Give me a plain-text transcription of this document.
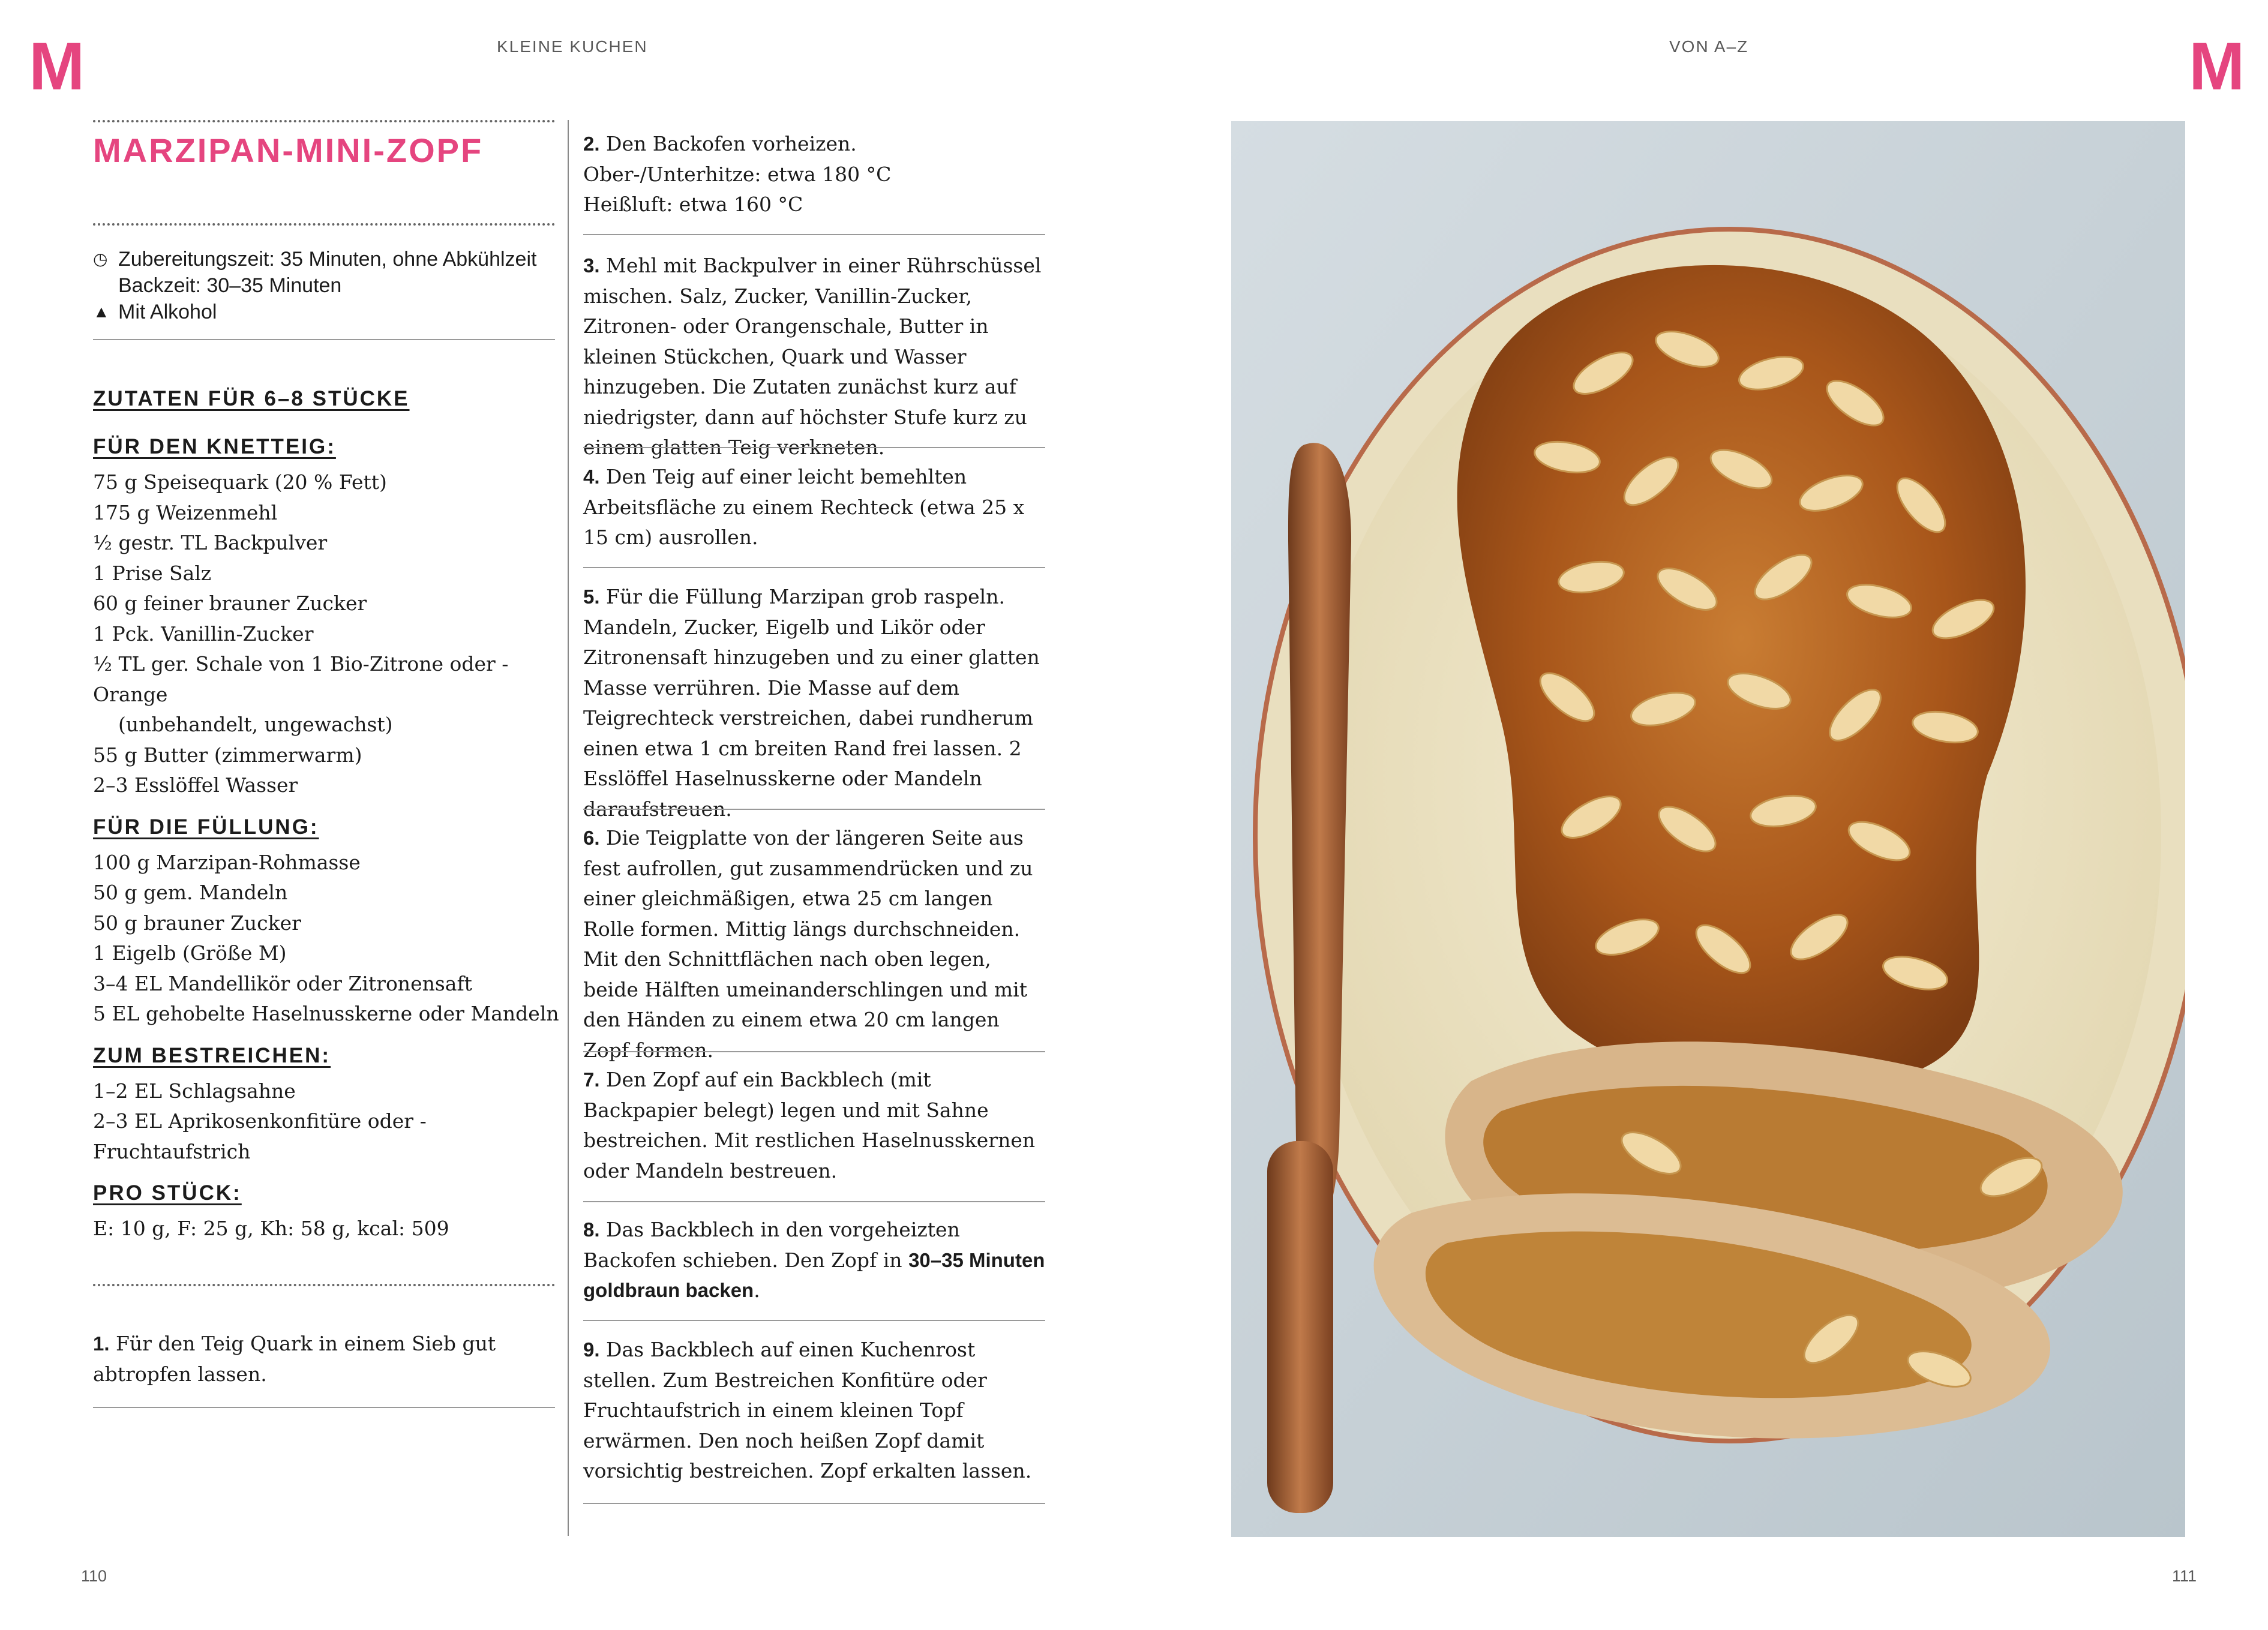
M	KLEINE KUCHEN	VON A–Z	M
MARZIPAN-MINI-ZOPF
◷ Zubereitungszeit: 35 Minuten, ohne Abkühlzeit
Backzeit: 30–35 Minuten
▲ Mit Alkohol
ZUTATEN FÜR 6–8 STÜCKE
FÜR DEN KNETTEIG:
75 g Speisequark (20 % Fett)
175 g Weizenmehl
½ gestr. TL Backpulver
1 Prise Salz
60 g feiner brauner Zucker
1 Pck. Vanillin-Zucker
½ TL ger. Schale von 1 Bio-Zitrone oder -Orange
(unbehandelt, ungewachst)
55 g Butter (zimmerwarm)
2–3 Esslöffel Wasser
FÜR DIE FÜLLUNG:
100 g Marzipan-Rohmasse
50 g gem. Mandeln
50 g brauner Zucker
1 Eigelb (Größe M)
3–4 EL Mandellikör oder Zitronensaft
5 EL gehobelte Haselnusskerne oder Mandeln
ZUM BESTREICHEN:
1–2 EL Schlagsahne
2–3 EL Aprikosenkonfitüre oder -Fruchtaufstrich
PRO STÜCK:
E: 10 g, F: 25 g, Kh: 58 g, kcal: 509
1. Für den Teig Quark in einem Sieb gut abtropfen lassen.
2. Den Backofen vorheizen.
Ober-/Unterhitze: etwa 180 °C
Heißluft: etwa 160 °C
3. Mehl mit Backpulver in einer Rührschüssel mischen. Salz, Zucker, Vanillin-Zucker, Zitronen- oder Orangenschale, Butter in kleinen Stückchen, Quark und Wasser hinzugeben. Die Zutaten zunächst kurz auf niedrigster, dann auf höchster Stufe kurz zu einem glatten Teig verkneten.
4. Den Teig auf einer leicht bemehlten Arbeitsfläche zu einem Rechteck (etwa 25 x 15 cm) ausrollen.
5. Für die Füllung Marzipan grob raspeln. Mandeln, Zucker, Eigelb und Likör oder Zitronensaft hinzugeben und zu einer glatten Masse verrühren. Die Masse auf dem Teigrechteck verstreichen, dabei rundherum einen etwa 1 cm breiten Rand frei lassen. 2 Esslöffel Haselnusskerne oder Mandeln daraufstreuen.
6. Die Teigplatte von der längeren Seite aus fest aufrollen, gut zusammendrücken und zu einer gleichmäßigen, etwa 25 cm langen Rolle formen. Mittig längs durchschneiden. Mit den Schnittflächen nach oben legen, beide Hälften umeinanderschlingen und mit den Händen zu einem etwa 20 cm langen Zopf formen.
7. Den Zopf auf ein Backblech (mit Backpapier belegt) legen und mit Sahne bestreichen. Mit restlichen Haselnusskernen oder Mandeln bestreuen.
8. Das Backblech in den vorgeheizten Backofen schieben. Den Zopf in 30–35 Minuten goldbraun backen.
9. Das Backblech auf einen Kuchenrost stellen. Zum Bestreichen Konfitüre oder Fruchtaufstrich in einem kleinen Topf erwärmen. Den noch heißen Zopf damit vorsichtig bestreichen. Zopf erkalten lassen.
110	111
